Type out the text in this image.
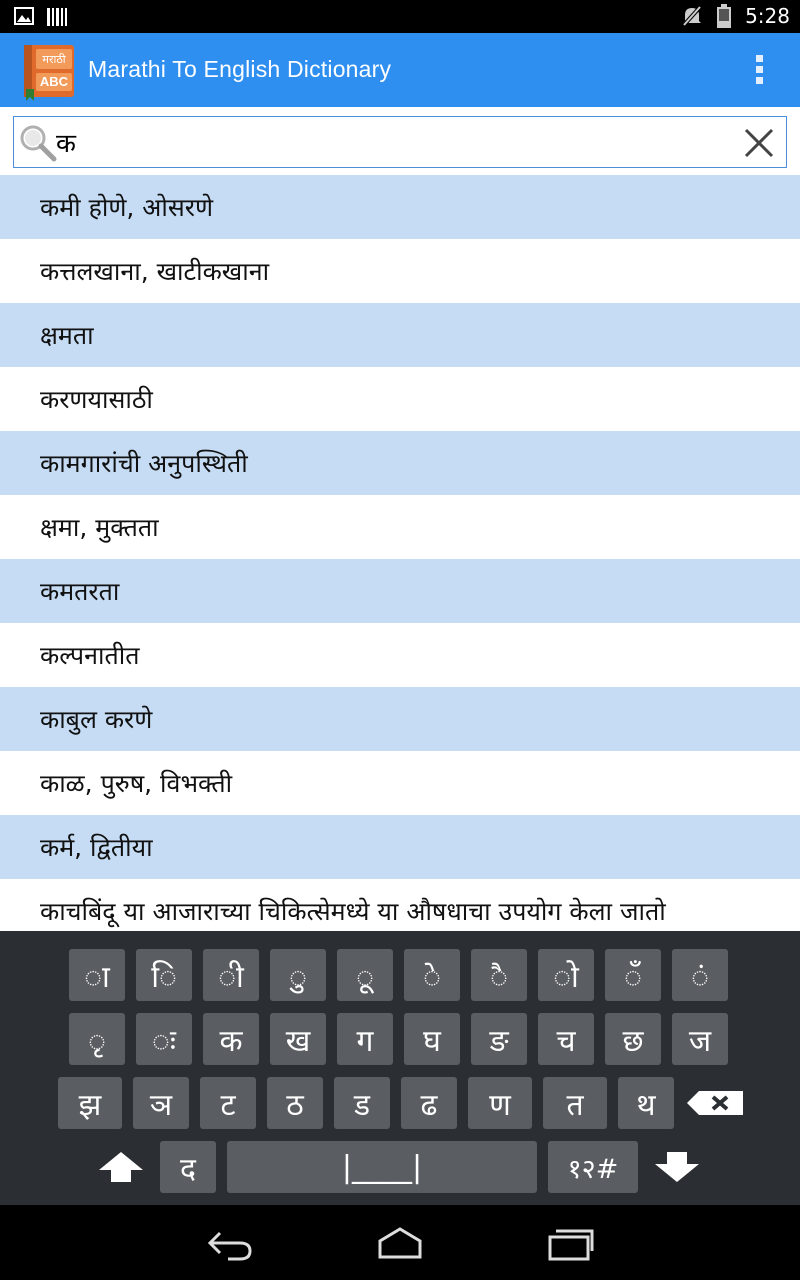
5:28
मराठी
ABC Marathi To English Dictionary
क
कमी होणे, ओसरणे
कत्तलखाना, खाटीकखाना
क्षमता
करणयासाठी
कामगारांची अनुपस्थिती
क्षमा, मुक्तता
कमतरता
कल्पनातीत
काबुल करणे
काळ, पुरुष, विभक्ती
कर्म, द्वितीया
काचबिंदू या आजाराच्या चिकित्सेमध्ये या औषधाचा उपयोग केला जातो
ा	ि	ी	ु	ू	े	ै	ो	ँ	ं
ृ	ः	क	ख	ग	घ	ङ	च	छ	ज
झ	ञ	ट	ठ	ड	ढ	ण	त	थ
द	|____|	१२#
